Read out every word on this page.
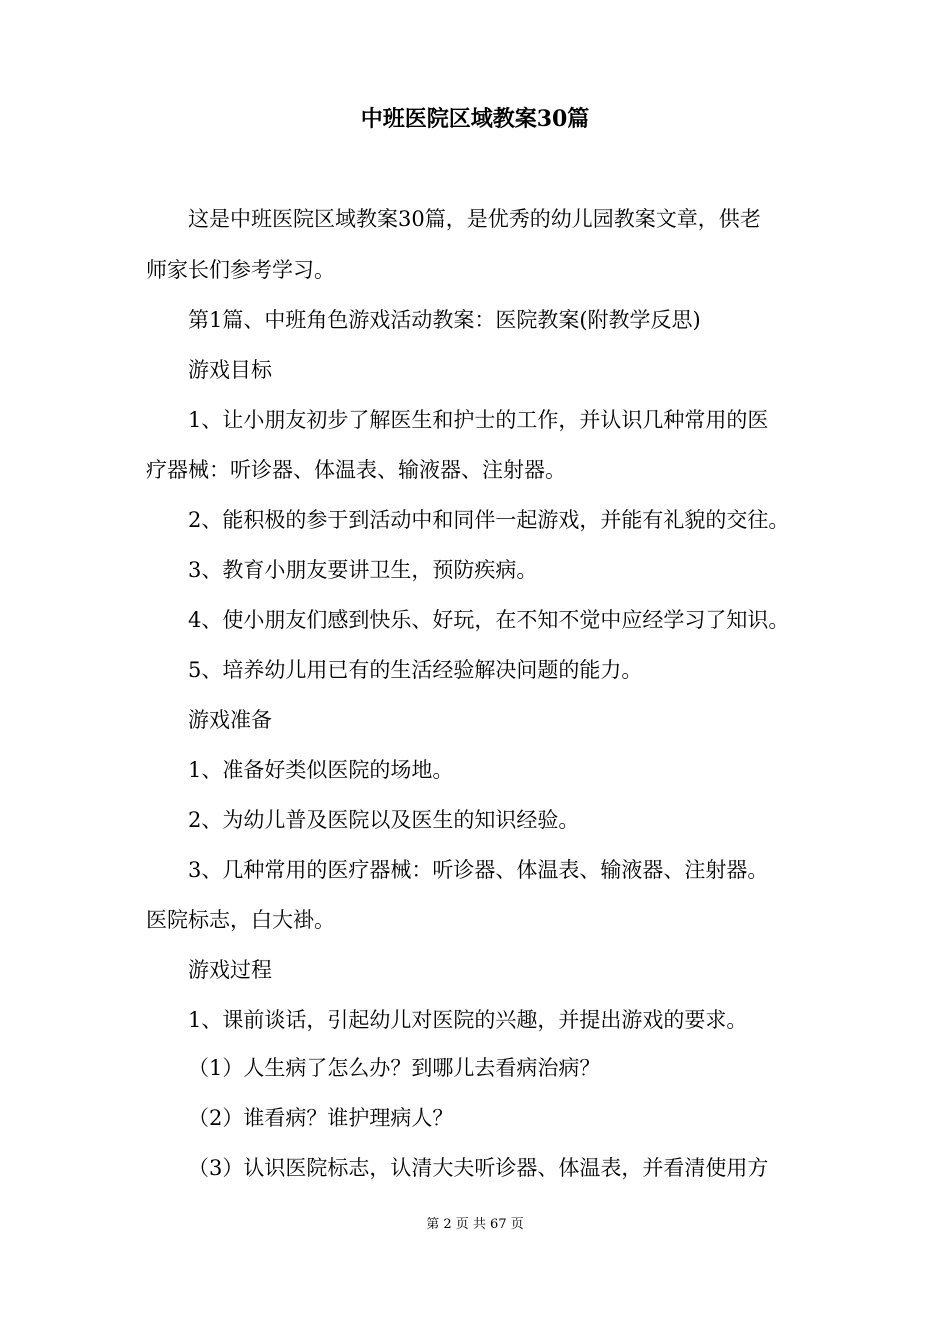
中班医院区域教案30篇
这是中班医院区域教案30篇，是优秀的幼儿园教案文章，供老
师家长们参考学习。
第1篇、中班角色游戏活动教案：医院教案(附教学反思)
游戏目标
1、让小朋友初步了解医生和护士的工作，并认识几种常用的医
疗器械：听诊器、体温表、输液器、注射器。
2、能积极的参于到活动中和同伴一起游戏，并能有礼貌的交往。
3、教育小朋友要讲卫生，预防疾病。
4、使小朋友们感到快乐、好玩，在不知不觉中应经学习了知识。
5、培养幼儿用已有的生活经验解决问题的能力。
游戏准备
1、准备好类似医院的场地。
2、为幼儿普及医院以及医生的知识经验。
3、几种常用的医疗器械：听诊器、体温表、输液器、注射器。
医院标志，白大褂。
游戏过程
1、课前谈话，引起幼儿对医院的兴趣，并提出游戏的要求。
（1）人生病了怎么办？到哪儿去看病治病？
（2）谁看病？谁护理病人？
（3）认识医院标志，认清大夫听诊器、体温表，并看清使用方
第 2 页 共 67 页
